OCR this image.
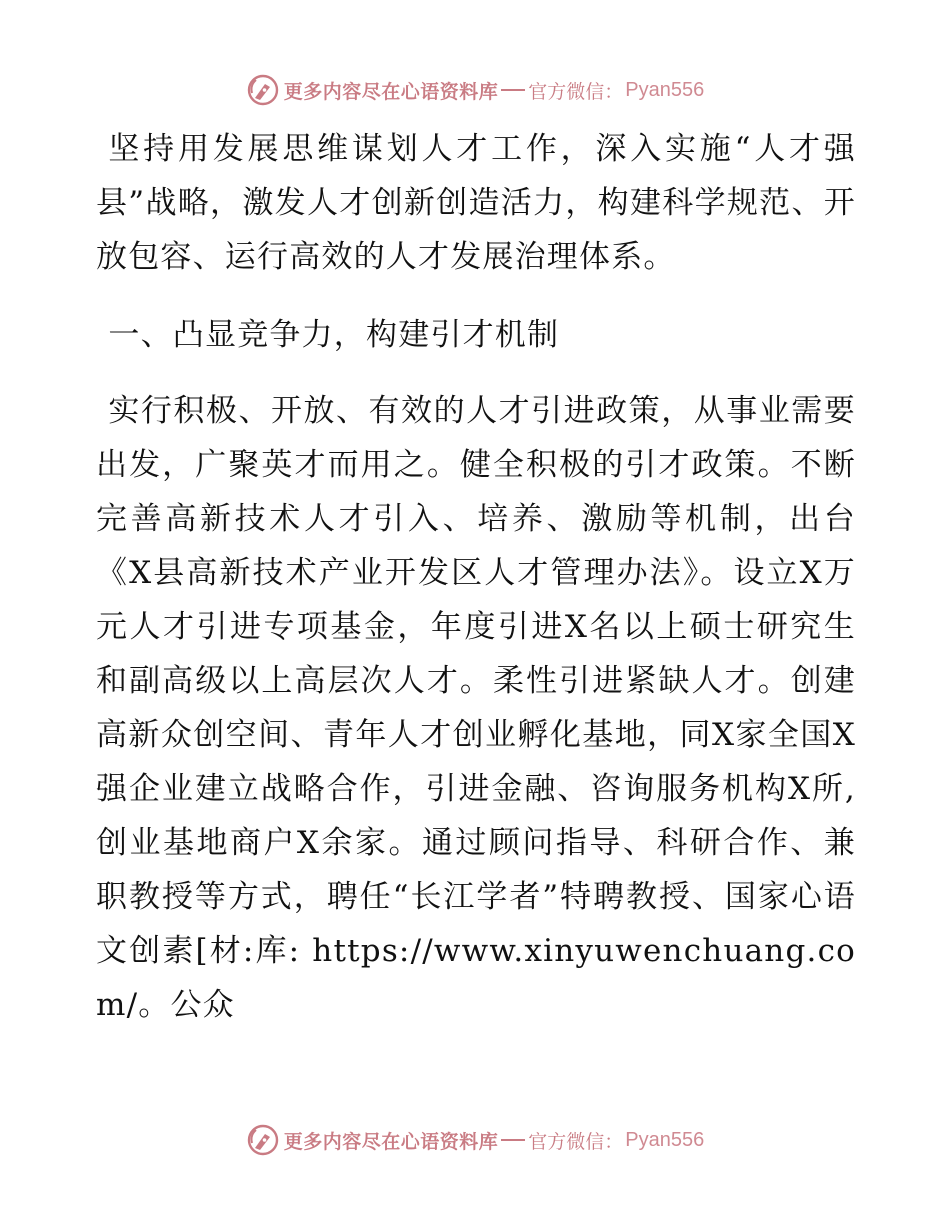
更多内容尽在心语资料库 官方微信： Pyan556
坚持用发展思维谋划人才工作，深入实施“人才强县”战略，激发人才创新创造活力，构建科学规范、开放包容、运行高效的人才发展治理体系。
一、凸显竞争力，构建引才机制
实行积极、开放、有效的人才引进政策，从事业需要出发，广聚英才而用之。健全积极的引才政策。不断完善高新技术人才引入、培养、激励等机制，出台《X县高新技术产业开发区人才管理办法》。设立X万元人才引进专项基金，年度引进X名以上硕士研究生和副高级以上高层次人才。柔性引进紧缺人才。创建高新众创空间、青年人才创业孵化基地，同X家全国X强企业建立战略合作，引进金融、咨询服务机构X所,创业基地商户X余家。通过顾问指导、科研合作、兼职教授等方式，聘任“长江学者”特聘教授、国家心语文创素[材:库: https://www.xinyuwenchuang.com/。公众
更多内容尽在心语资料库 官方微信： Pyan556
